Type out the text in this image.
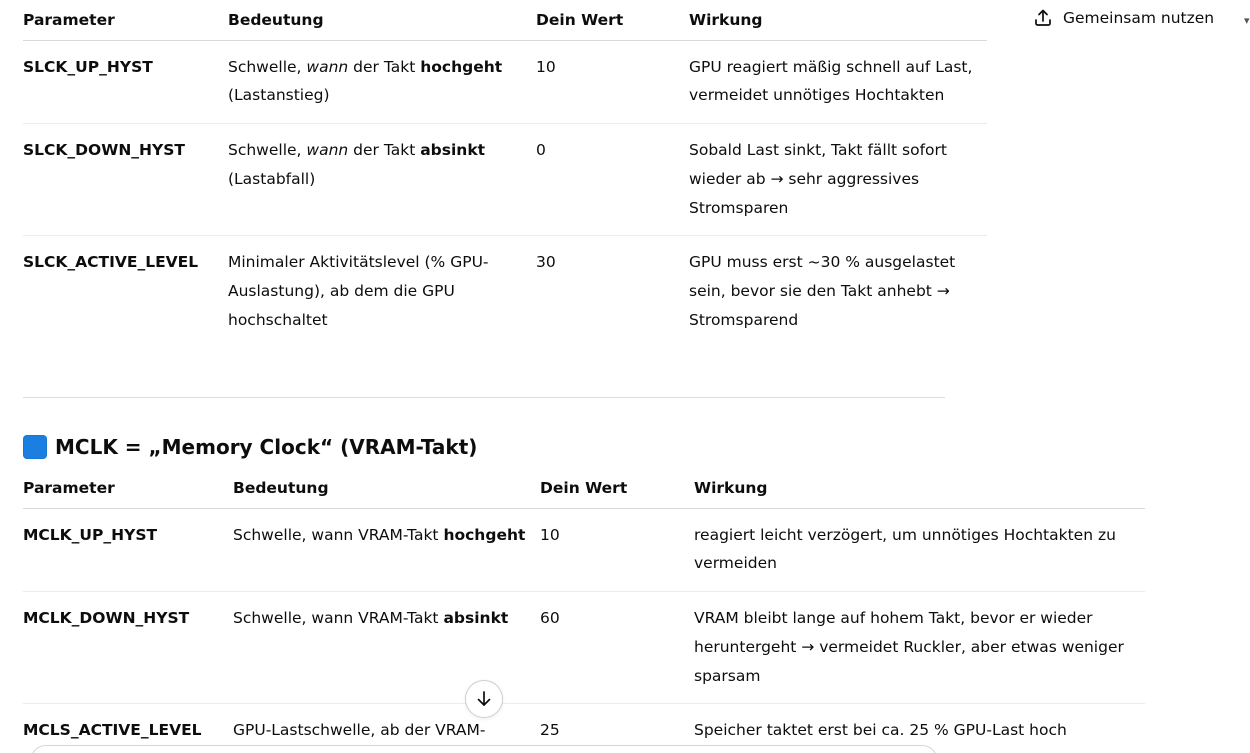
Gemeinsam nutzen	▾
Parameter	Bedeutung	Dein Wert	Wirkung
SLCK_UP_HYST	Schwelle, wann der Takt hochgeht (Lastanstieg)	10	GPU reagiert mäßig schnell auf Last, vermeidet unnötiges Hochtakten
SLCK_DOWN_HYST	Schwelle, wann der Takt absinkt (Lastabfall)	0	Sobald Last sinkt, Takt fällt sofort wieder ab → sehr aggressives Stromsparen
SLCK_ACTIVE_LEVEL	Minimaler Aktivitätslevel (% GPU-Auslastung), ab dem die GPU hochschaltet	30	GPU muss erst ~30 % ausgelastet sein, bevor sie den Takt anhebt → Stromsparend
MCLK = „Memory Clock“ (VRAM-Takt)
Parameter	Bedeutung	Dein Wert	Wirkung
MCLK_UP_HYST	Schwelle, wann VRAM-Takt hochgeht	10	reagiert leicht verzögert, um unnötiges Hochtakten zu vermeiden
MCLK_DOWN_HYST	Schwelle, wann VRAM-Takt absinkt	60	VRAM bleibt lange auf hohem Takt, bevor er wieder heruntergeht → vermeidet Ruckler, aber etwas weniger sparsam
MCLS_ACTIVE_LEVEL	GPU-Lastschwelle, ab der VRAM-	25	Speicher taktet erst bei ca. 25 % GPU-Last hoch
